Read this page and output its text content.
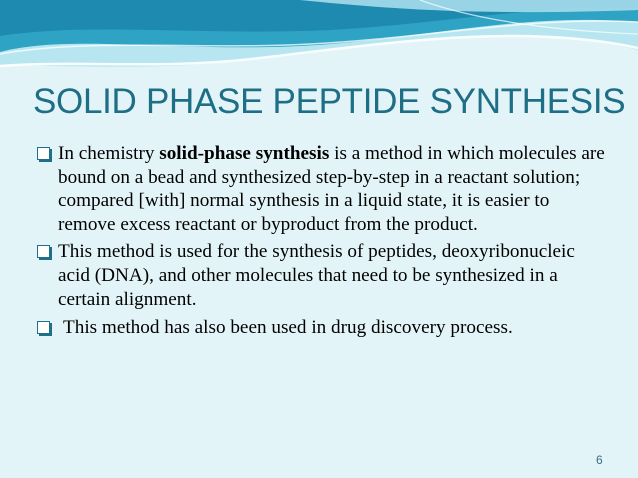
SOLID PHASE PEPTIDE SYNTHESIS
In chemistry solid-phase synthesis is a method in which molecules are bound on a bead and synthesized step-by-step in a reactant solution; compared [with] normal synthesis in a liquid state, it is easier to remove excess reactant or byproduct from the product.
This method is used for the synthesis of peptides, deoxyribonucleic acid (DNA), and other molecules that need to be synthesized in a certain alignment.
This method has also been used in drug discovery process.
6
